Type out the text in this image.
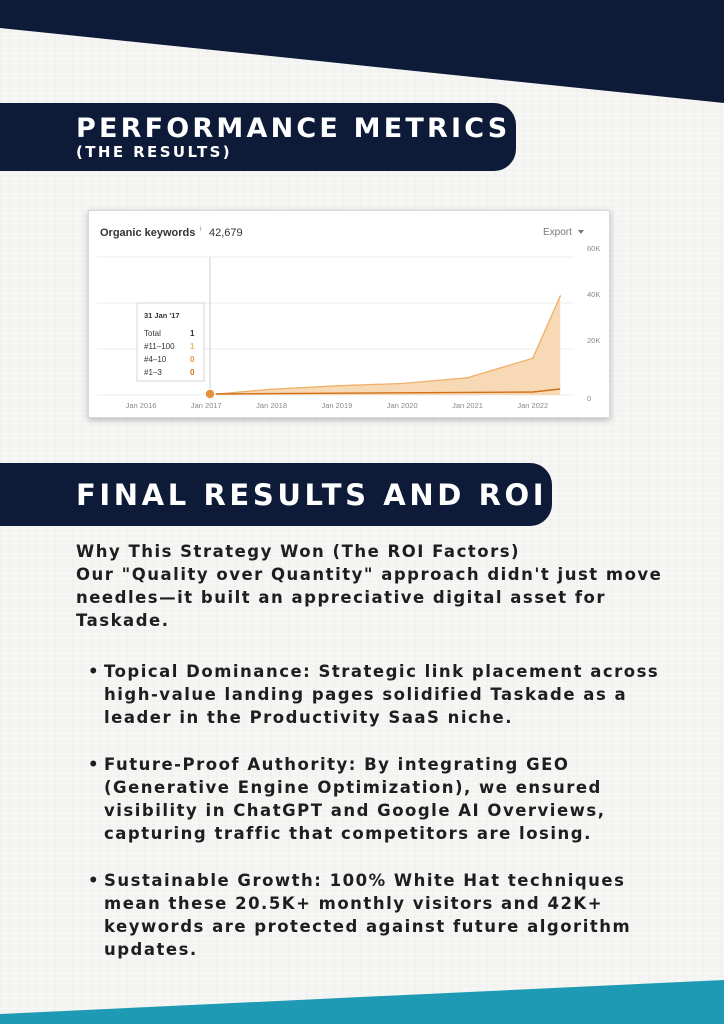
PERFORMANCE METRICS
(THE RESULTS)
Organic keywords i 42,679	Export
0
20K
40K
60K
Jan 2016	Jan 2017	Jan 2018	Jan 2019	Jan 2020	Jan 2021	Jan 2022
31 Jan '17
Total	1
#11–100 1
#4–10	0
#1–3	0
FINAL RESULTS AND ROI

Why This Strategy Won (The ROI Factors)

Our "Quality over Quantity" approach didn't just move needles—it built an appreciative digital asset for Taskade.

• Topical Dominance: Strategic link placement across high-value landing pages solidified Taskade as a leader in the Productivity SaaS niche.
• Future-Proof Authority: By integrating GEO (Generative Engine Optimization), we ensured visibility in ChatGPT and Google AI Overviews, capturing traffic that competitors are losing.
• Sustainable Growth: 100% White Hat techniques mean these 20.5K+ monthly visitors and 42K+ keywords are protected against future algorithm updates.
